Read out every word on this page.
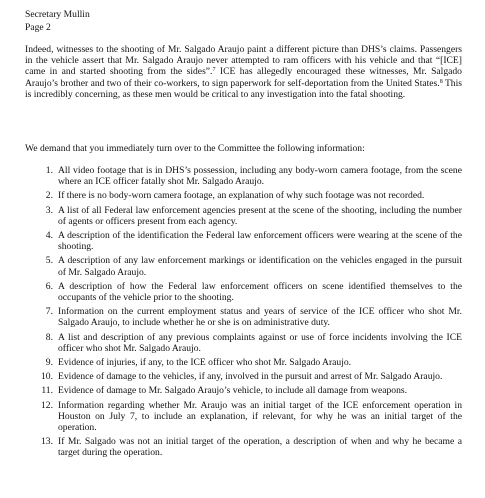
Secretary Mullin
Page 2
Indeed, witnesses to the shooting of Mr. Salgado Araujo paint a different picture than DHS’s claims. Passengers in the vehicle assert that Mr. Salgado Araujo never attempted to ram officers with his vehicle and that “[ICE] came in and started shooting from the sides”.$^7$ ICE has allegedly encouraged these witnesses, Mr. Salgado Araujo’s brother and two of their co-workers, to sign paperwork for self-deportation from the United States.$^8$ This is incredibly concerning, as these men would be critical to any investigation into the fatal shooting.
We demand that you immediately turn over to the Committee the following information:
1. All video footage that is in DHS’s possession, including any body-worn camera footage, from the scene where an ICE officer fatally shot Mr. Salgado Araujo.
2. If there is no body-worn camera footage, an explanation of why such footage was not recorded.
3. A list of all Federal law enforcement agencies present at the scene of the shooting, including the number of agents or officers present from each agency.
4. A description of the identification the Federal law enforcement officers were wearing at the scene of the shooting.
5. A description of any law enforcement markings or identification on the vehicles engaged in the pursuit of Mr. Salgado Araujo.
6. A description of how the Federal law enforcement officers on scene identified themselves to the occupants of the vehicle prior to the shooting.
7. Information on the current employment status and years of service of the ICE officer who shot Mr. Salgado Araujo, to include whether he or she is on administrative duty.
8. A list and description of any previous complaints against or use of force incidents involving the ICE officer who shot Mr. Salgado Araujo.
9. Evidence of injuries, if any, to the ICE officer who shot Mr. Salgado Araujo.
10. Evidence of damage to the vehicles, if any, involved in the pursuit and arrest of Mr. Salgado Araujo.
11. Evidence of damage to Mr. Salgado Araujo’s vehicle, to include all damage from weapons.
12. Information regarding whether Mr. Araujo was an initial target of the ICE enforcement operation in Houston on July 7, to include an explanation, if relevant, for why he was an initial target of the operation.
13. If Mr. Salgado was not an initial target of the operation, a description of when and why he became a target during the operation.
